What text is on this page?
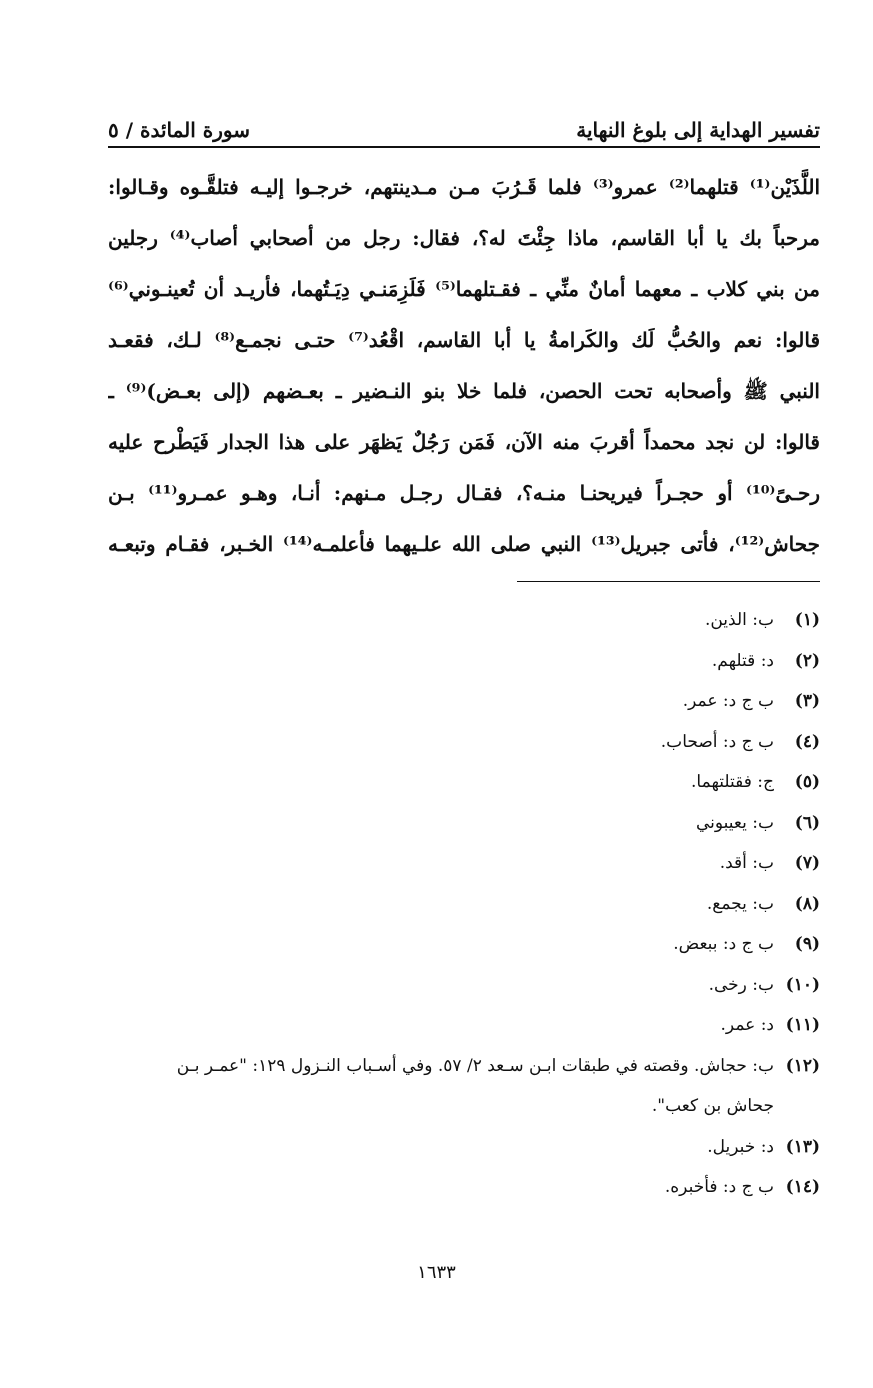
تفسير الهداية إلى بلوغ النهاية
سورة المائدة / ٥
اللَّذَيْن⁽¹⁾ قتلهما⁽²⁾ عمرو⁽³⁾ فلما قَـرُبَ مـن مـدينتهم، خرجـوا إليـه فتلقَّـوه وقـالوا:
مرحباً بك يا أبا القاسم، ماذا جِئْتَ له؟، فقال: رجل من أصحابي أصاب⁽⁴⁾ رجلين
من بني كلاب ـ معهما أمانٌ منِّي ـ فقـتلهما⁽⁵⁾ فَلَزِمَنـي دِيَـتُهما، فأريـد أن تُعينـوني⁽⁶⁾
قالوا: نعم والحُبُّ لَك والكَرامةُ يا أبا القاسم، اقْعُد⁽⁷⁾ حتـى نجمـع⁽⁸⁾ لـك، فقعـد
النبي ﷺ وأصحابه تحت الحصن، فلما خلا بنو النـضير ـ بعـضهم (إلى بعـض)⁽⁹⁾ ـ
قالوا: لن نجد محمداً أقربَ منه الآن، فَمَن رَجُلٌ يَظهَر على هذا الجدار فَيَطْرح عليه
رحـىً⁽¹⁰⁾ أو حجـراً فيريحنـا منـه؟، فقـال رجـل مـنهم: أنـا، وهـو عمـرو⁽¹¹⁾ بـن
جحاش⁽¹²⁾، فأتى جبريل⁽¹³⁾ النبي صلى الله علـيهما فأعلمـه⁽¹⁴⁾ الخـبر، فقـام وتبعـه
(١)
ب: الذين.
(٢)
د: قتلهم.
(٣)
ب ج د: عمر.
(٤)
ب ج د: أصحاب.
(٥)
ج: فقتلتهما.
(٦)
ب: يعيبوني
(٧)
ب: أقد.
(٨)
ب: يجمع.
(٩)
ب ج د: ببعض.
(١٠)
ب: رخى.
(١١)
د: عمر.
(١٢)
ب: حجاش. وقصته في طبقات ابـن سـعد ٢/ ٥٧. وفي أسـباب النـزول ١٢٩: "عمـر بـن
جحاش بن كعب".
(١٣)
د: خبريل.
(١٤)
ب ج د: فأخبره.
١٦٣٣
